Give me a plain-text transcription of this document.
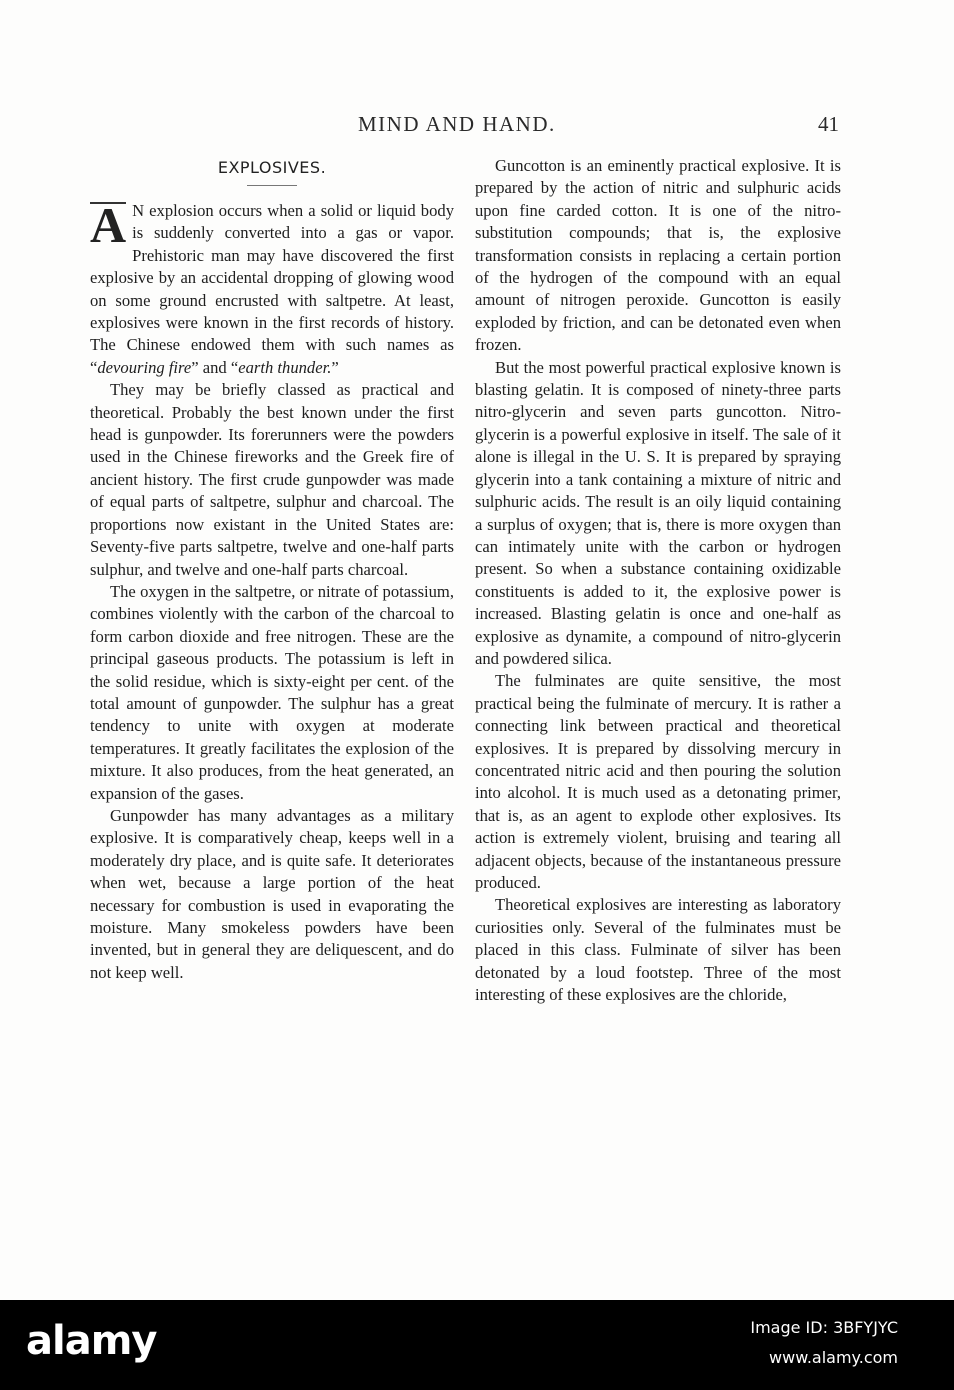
MIND AND HAND.	41
EXPLOSIVES.

A N explosion occurs when a solid or liquid body is suddenly converted into a gas or vapor. Prehistoric man may have discovered the first explosive by an accidental dropping of glowing wood on some ground encrusted with saltpetre. At least, explosives were known in the first records of history. The Chinese endowed them with such names as “devouring fire” and “earth thunder.”

They may be briefly classed as practical and theoretical. Probably the best known under the first head is gunpowder. Its forerunners were the powders used in the Chinese fireworks and the Greek fire of ancient history. The first crude gunpowder was made of equal parts of saltpetre, sulphur and charcoal. The proportions now existant in the United States are: Seventy-five parts saltpetre, twelve and one-half parts sulphur, and twelve and one-half parts charcoal.

The oxygen in the saltpetre, or nitrate of potassium, combines violently with the carbon of the charcoal to form carbon dioxide and free nitrogen. These are the principal gaseous products. The potassium is left in the solid residue, which is sixty-eight per cent. of the total amount of gunpowder. The sulphur has a great tendency to unite with oxygen at moderate temperatures. It greatly facilitates the explosion of the mixture. It also produces, from the heat generated, an expansion of the gases.

Gunpowder has many advantages as a military explosive. It is comparatively cheap, keeps well in a moderately dry place, and is quite safe. It deteriorates when wet, because a large portion of the heat necessary for combustion is used in evaporating the moisture. Many smokeless powders have been invented, but in general they are deliquescent, and do not keep well.

Guncotton is an eminently practical explosive. It is prepared by the action of nitric and sulphuric acids upon fine carded cotton. It is one of the nitro-substitution compounds; that is, the explosive transformation consists in replacing a certain portion of the hydrogen of the compound with an equal amount of nitrogen peroxide. Guncotton is easily exploded by friction, and can be detonated even when frozen.

But the most powerful practical explosive known is blasting gelatin. It is composed of ninety-three parts nitro-glycerin and seven parts guncotton. Nitro-glycerin is a powerful explosive in itself. The sale of it alone is illegal in the U. S. It is prepared by spraying glycerin into a tank containing a mixture of nitric and sulphuric acids. The result is an oily liquid containing a surplus of oxygen; that is, there is more oxygen than can intimately unite with the carbon or hydrogen present. So when a substance containing oxidizable constituents is added to it, the explosive power is increased. Blasting gelatin is once and one-half as explosive as dynamite, a compound of nitro-glycerin and powdered silica.

The fulminates are quite sensitive, the most practical being the fulminate of mercury. It is rather a connecting link between practical and theoretical explosives. It is prepared by dissolving mercury in concentrated nitric acid and then pouring the solution into alcohol. It is much used as a detonating primer, that is, as an agent to explode other explosives. Its action is extremely violent, bruising and tearing all adjacent objects, because of the instantaneous pressure produced.

Theoretical explosives are interesting as laboratory curiosities only. Several of the fulminates must be placed in this class. Fulminate of silver has been detonated by a loud footstep. Three of the most interesting of these explosives are the chloride,

alamy	Image ID: 3BFYJYC
www.alamy.com
